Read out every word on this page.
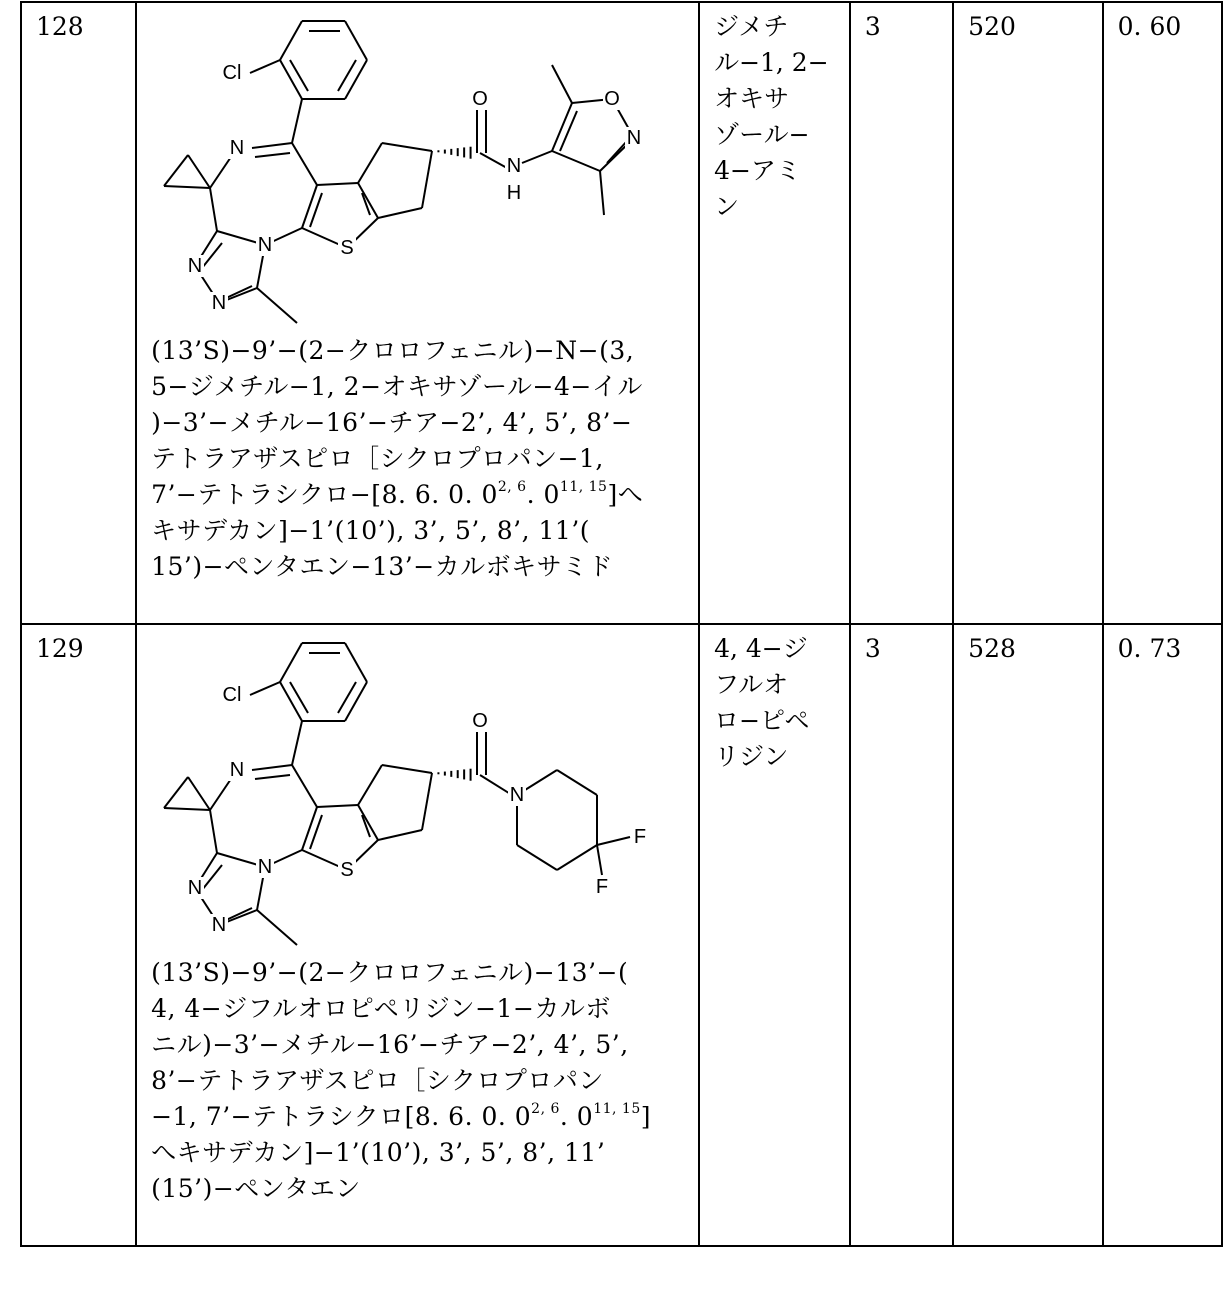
128	
N
N
N
N
S
Cl
O
N
H
O
N
(13’S)−9’−(2−クロロフェニル)−N−(3,
5−ジメチル−1, 2−オキサゾール−4−イル
)−3’−メチル−16’−チア−2’, 4’, 5’, 8’−
テトラアザスピロ［シクロプロパン−1,
7’−テトラシクロ−[8. 6. 0. 02, 6. 011, 15]へ
キサデカン]−1’(10’), 3’, 5’, 8’, 11’(
15’)−ペンタエン−13’−カルボキサミド

ジメチ
ル−1, 2−
オキサ
ゾール−
4−アミ
ン
	3	520	0. 60
129	
N
N
N
N
S
Cl
O
N
F
F
(13’S)−9’−(2−クロロフェニル)−13’−(
4, 4−ジフルオロピペリジン−1−カルボ
ニル)−3’−メチル−16’−チア−2’, 4’, 5’,
8’−テトラアザスピロ［シクロプロパン
−1, 7’−テトラシクロ[8. 6. 0. 02, 6. 011, 15]
へキサデカン]−1’(10’), 3’, 5’, 8’, 11’
(15’)−ペンタエン

4, 4−ジ
フルオ
ロ−ピペ
リジン
	3	528	0. 73
